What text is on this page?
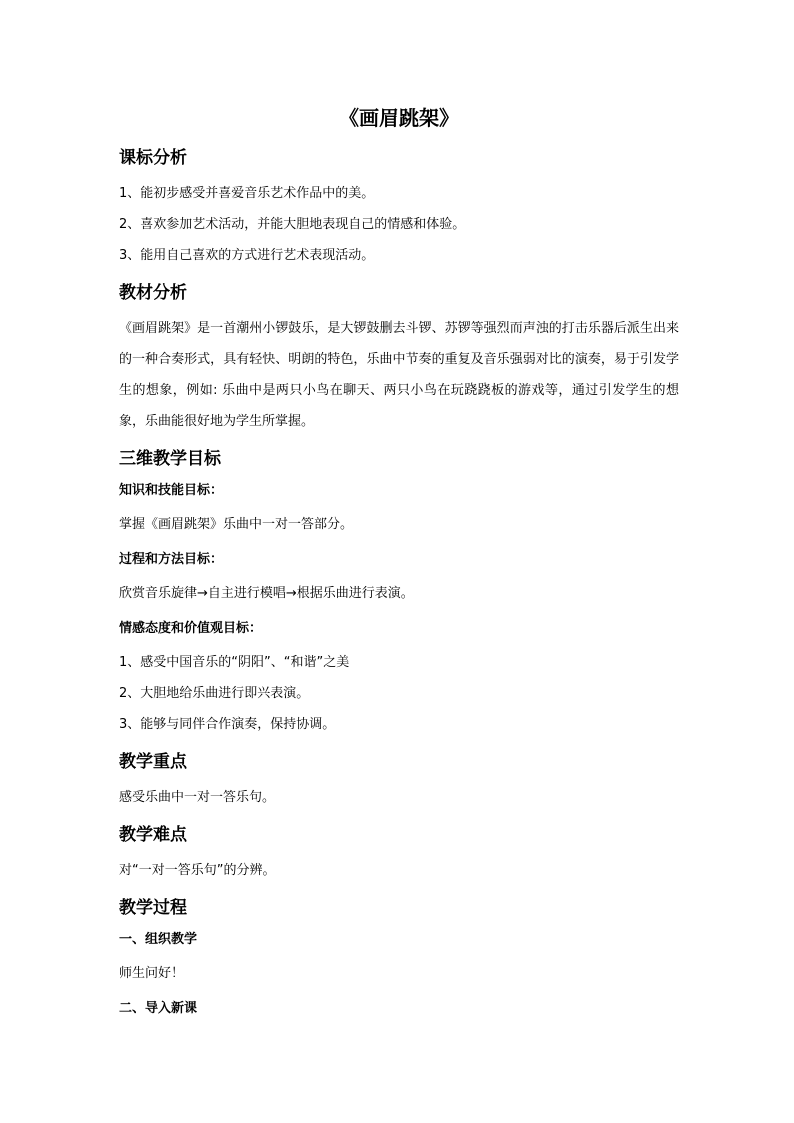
《画眉跳架》
课标分析
1、能初步感受并喜爱音乐艺术作品中的美。
2、喜欢参加艺术活动，并能大胆地表现自己的情感和体验。
3、能用自己喜欢的方式进行艺术表现活动。
教材分析
《画眉跳架》是一首潮州小锣鼓乐，是大锣鼓删去斗锣、苏锣等强烈而声浊的打击乐器后派生出来的一种合奏形式，具有轻快、明朗的特色，乐曲中节奏的重复及音乐强弱对比的演奏，易于引发学生的想象，例如: 乐曲中是两只小鸟在聊天、两只小鸟在玩跷跷板的游戏等，通过引发学生的想象，乐曲能很好地为学生所掌握。
三维教学目标
知识和技能目标：
掌握《画眉跳架》乐曲中一对一答部分。
过程和方法目标：
欣赏音乐旋律→自主进行模唱→根据乐曲进行表演。
情感态度和价值观目标：
1、感受中国音乐的“阴阳”、“和谐”之美
2、大胆地给乐曲进行即兴表演。
3、能够与同伴合作演奏，保持协调。
教学重点
感受乐曲中一对一答乐句。
教学难点
对“一对一答乐句”的分辨。
教学过程
一、组织教学
师生问好！
二、导入新课
